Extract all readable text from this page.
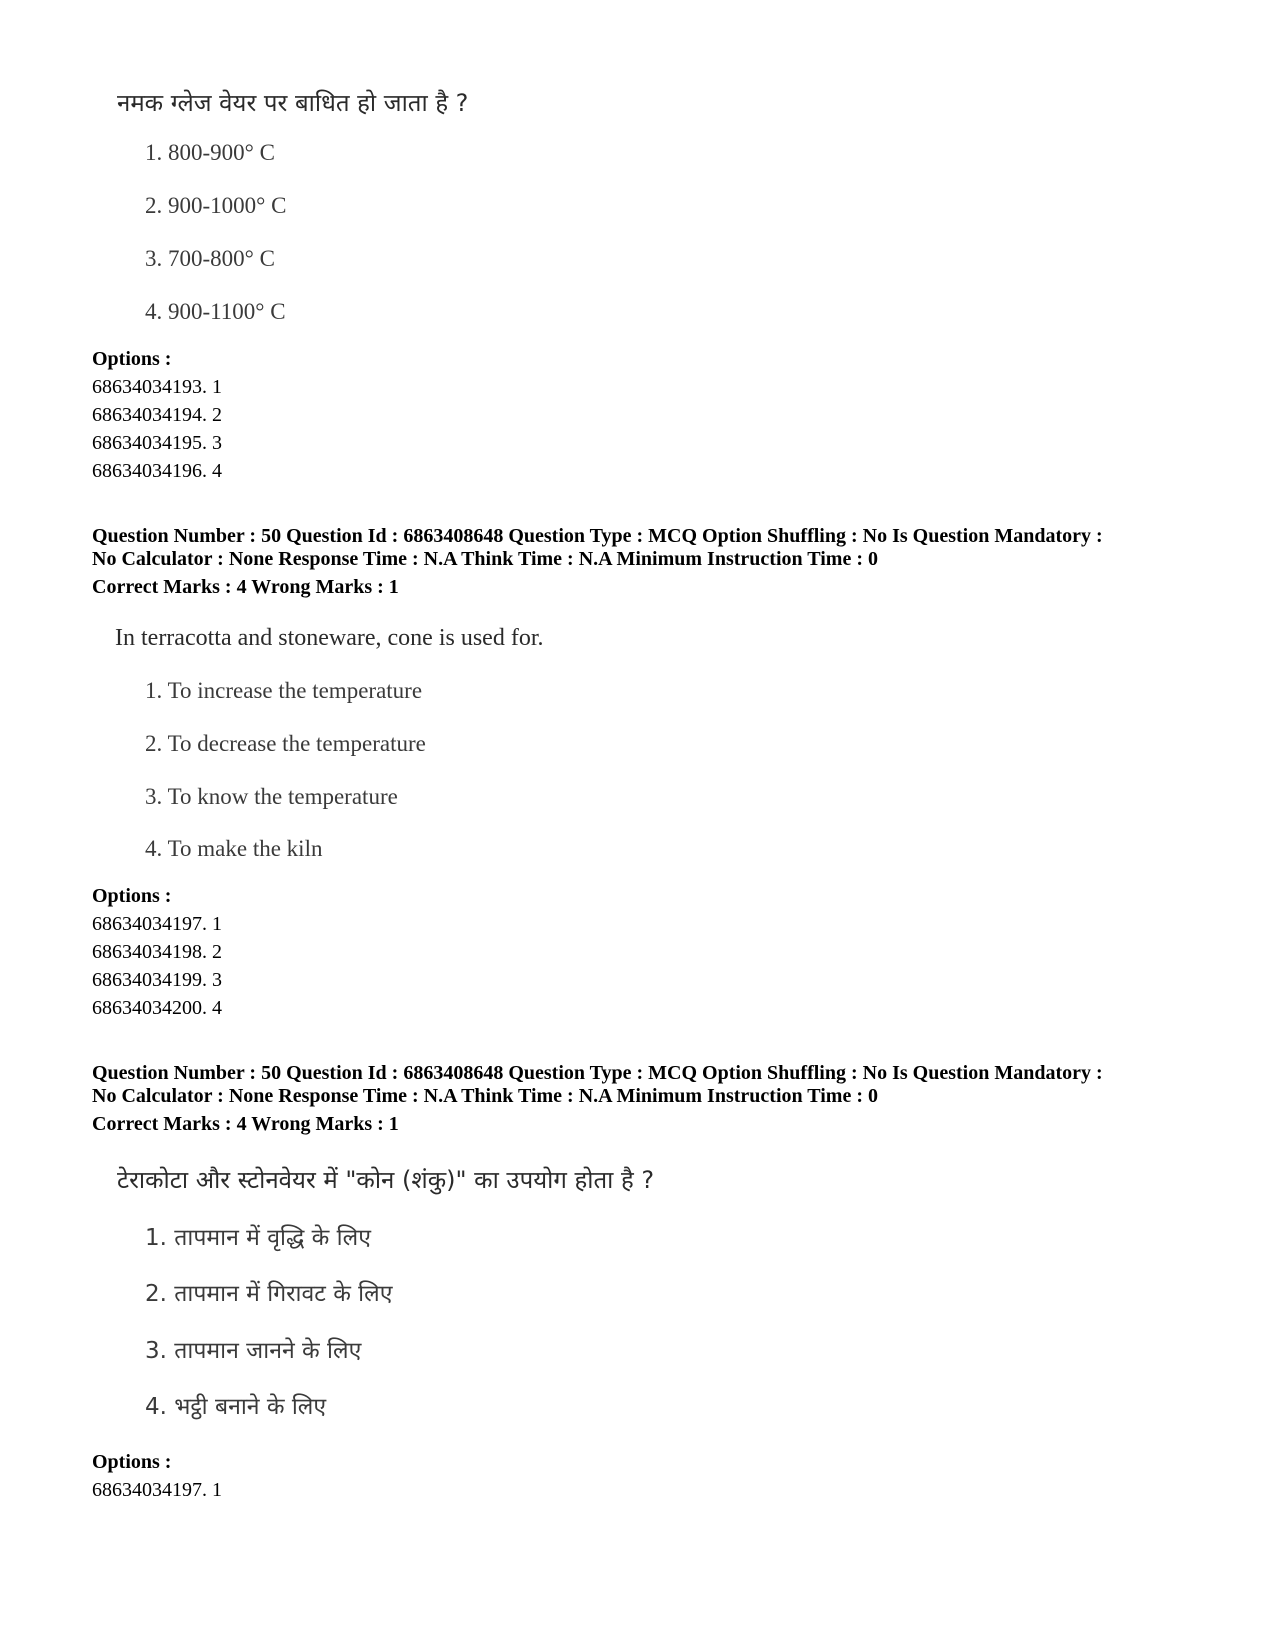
नमक ग्लेज वेयर पर बाधित हो जाता है ?
1. 800-900° C
2. 900-1000° C
3. 700-800° C
4. 900-1100° C
Options :
68634034193. 1
68634034194. 2
68634034195. 3
68634034196. 4
Question Number : 50 Question Id : 6863408648 Question Type : MCQ Option Shuffling : No Is Question Mandatory :
No Calculator : None Response Time : N.A Think Time : N.A Minimum Instruction Time : 0
Correct Marks : 4 Wrong Marks : 1
In terracotta and stoneware, cone is used for.
1. To increase the temperature
2. To decrease the temperature
3. To know the temperature
4. To make the kiln
Options :
68634034197. 1
68634034198. 2
68634034199. 3
68634034200. 4
Question Number : 50 Question Id : 6863408648 Question Type : MCQ Option Shuffling : No Is Question Mandatory :
No Calculator : None Response Time : N.A Think Time : N.A Minimum Instruction Time : 0
Correct Marks : 4 Wrong Marks : 1
टेराकोटा और स्टोनवेयर में "कोन (शंकु)" का उपयोग होता है ?
1. तापमान में वृद्धि के लिए
2. तापमान में गिरावट के लिए
3. तापमान जानने के लिए
4. भट्ठी बनाने के लिए
Options :
68634034197. 1
